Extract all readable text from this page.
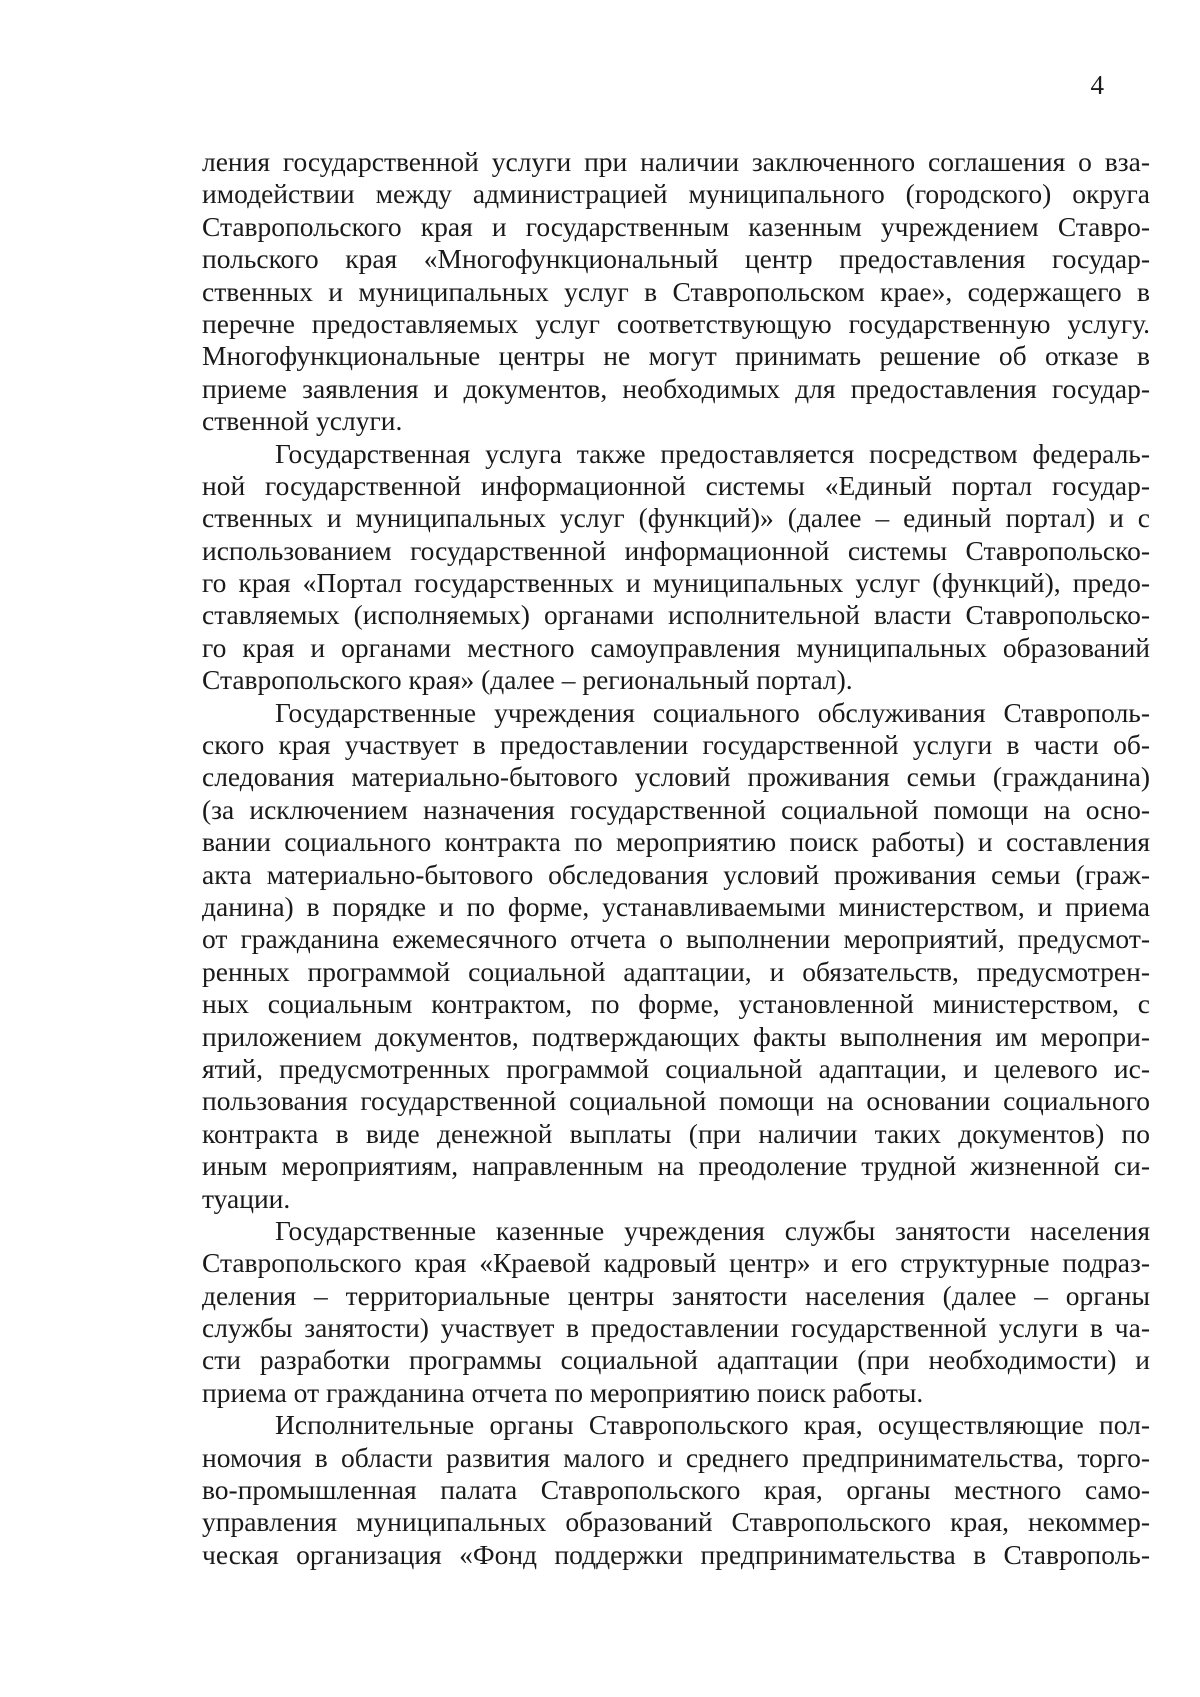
4
ления государственной услуги при наличии заключенного соглашения о вза-
имодействии между администрацией муниципального (городского) округа
Ставропольского края и государственным казенным учреждением Ставро-
польского края «Многофункциональный центр предоставления государ-
ственных и муниципальных услуг в Ставропольском крае», содержащего в
перечне предоставляемых услуг соответствующую государственную услугу.
Многофункциональные центры не могут принимать решение об отказе в
приеме заявления и документов, необходимых для предоставления государ-
ственной услуги.
Государственная услуга также предоставляется посредством федераль-
ной государственной информационной системы «Единый портал государ-
ственных и муниципальных услуг (функций)» (далее – единый портал) и с
использованием государственной информационной системы Ставропольско-
го края «Портал государственных и муниципальных услуг (функций), предо-
ставляемых (исполняемых) органами исполнительной власти Ставропольско-
го края и органами местного самоуправления муниципальных образований
Ставропольского края» (далее – региональный портал).
Государственные учреждения социального обслуживания Ставрополь-
ского края участвует в предоставлении государственной услуги в части об-
следования материально-бытового условий проживания семьи (гражданина)
(за исключением назначения государственной социальной помощи на осно-
вании социального контракта по мероприятию поиск работы) и составления
акта материально-бытового обследования условий проживания семьи (граж-
данина) в порядке и по форме, устанавливаемыми министерством, и приема
от гражданина ежемесячного отчета о выполнении мероприятий, предусмот-
ренных программой социальной адаптации, и обязательств, предусмотрен-
ных социальным контрактом, по форме, установленной министерством, с
приложением документов, подтверждающих факты выполнения им меропри-
ятий, предусмотренных программой социальной адаптации, и целевого ис-
пользования государственной социальной помощи на основании социального
контракта в виде денежной выплаты (при наличии таких документов) по
иным мероприятиям, направленным на преодоление трудной жизненной си-
туации.
Государственные казенные учреждения службы занятости населения
Ставропольского края «Краевой кадровый центр» и его структурные подраз-
деления – территориальные центры занятости населения (далее – органы
службы занятости) участвует в предоставлении государственной услуги в ча-
сти разработки программы социальной адаптации (при необходимости) и
приема от гражданина отчета по мероприятию поиск работы.
Исполнительные органы Ставропольского края, осуществляющие пол-
номочия в области развития малого и среднего предпринимательства, торго-
во-промышленная палата Ставропольского края, органы местного само-
управления муниципальных образований Ставропольского края, некоммер-
ческая организация «Фонд поддержки предпринимательства в Ставрополь-
